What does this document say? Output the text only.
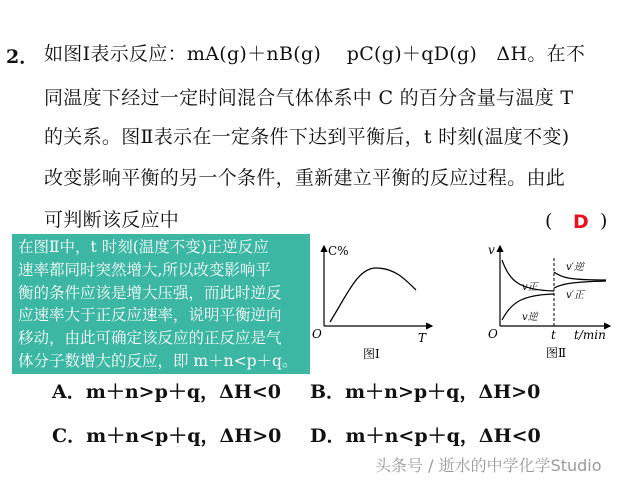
2． 如图Ⅰ表示反应：mA(g)＋nB(g)　 pC(g)＋qD(g)　ΔH。在不
同温度下经过一定时间混合气体体系中 C 的百分含量与温度 T
的关系。图Ⅱ表示在一定条件下达到平衡后，t 时刻(温度不变)
改变影响平衡的另一个条件，重新建立平衡的反应过程。由此
可判断该反应中	( D )
在图Ⅱ中，t 时刻(温度不变)正逆反应
速率都同时突然增大,所以改变影响平
衡的条件应该是增大压强，而此时逆反
应速率大于正反应速率，说明平衡逆向
移动，由此可确定该反应的正反应是气
体分子数增大的反应，即 m＋n<p＋q。
C%
O	T
图Ⅰ
v
v正
v逆
v′逆
v′正
O	t t/min
图Ⅱ
A．m＋n>p＋q，ΔH<0 B．m＋n>p＋q，ΔH>0
C．m＋n<p＋q，ΔH>0 D．m＋n<p＋q，ΔH<0
头条号 / 逝水的中学化学Studio
